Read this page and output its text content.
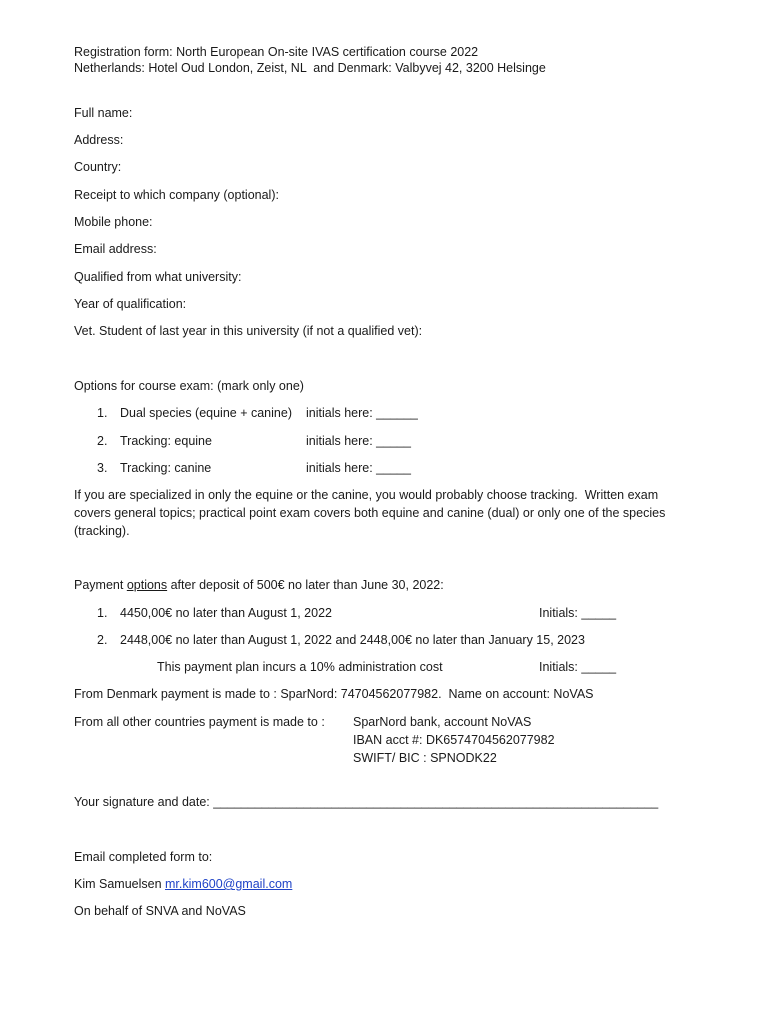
Registration form: North European On-site IVAS certification course 2022
Netherlands: Hotel Oud London, Zeist, NL  and Denmark: Valbyvej 42, 3200 Helsinge
Full name:
Address:
Country:
Receipt to which company (optional):
Mobile phone:
Email address:
Qualified from what university:
Year of qualification:
Vet. Student of last year in this university (if not a qualified vet):
Options for course exam: (mark only one)
1. Dual species (equine + canine) initials here: ______
2. Tracking: equine	initials here: _____
3. Tracking: canine	initials here: _____
If you are specialized in only the equine or the canine, you would probably choose tracking.  Written exam
covers general topics; practical point exam covers both equine and canine (dual) or only one of the species
(tracking).
Payment options after deposit of 500€ no later than June 30, 2022:
1. 4450,00€ no later than August 1, 2022	Initials: _____
2. 2448,00€ no later than August 1, 2022 and 2448,00€ no later than January 15, 2023
This payment plan incurs a 10% administration cost	Initials: _____
From Denmark payment is made to : SparNord: 74704562077982.  Name on account: NoVAS
From all other countries payment is made to : SparNord bank, account NoVAS
IBAN acct #: DK6574704562077982
SWIFT/ BIC : SPNODK22
Your signature and date: ________________________________________________________________
Email completed form to:
Kim Samuelsen mr.kim600@gmail.com
On behalf of SNVA and NoVAS
